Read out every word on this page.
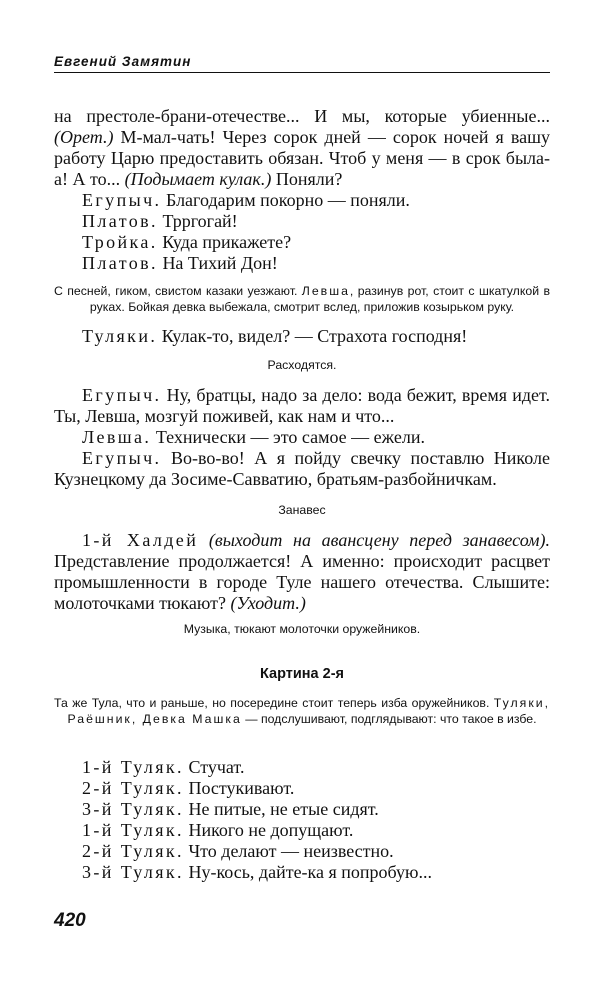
Евгений Замятин

на престоле-брани-отечестве... И мы, которые убиенные... (Орет.) М-мал-чать! Через сорок дней — сорок ночей я вашу работу Царю предоставить обязан. Чтоб у меня — в срок была-а! А то... (Подымает кулак.) Поняли?

Егупыч. Благодарим покорно — поняли.

Платов. Трргогай!

Тройка. Куда прикажете?

Платов. На Тихий Дон!

С песней, гиком, свистом казаки уезжают. Левша, разинув рот, стоит с шкатулкой в руках. Бойкая девка выбежала, смотрит вслед, приложив козырьком руку.

Туляки. Кулак-то, видел? — Страхота господня!

Расходятся.

Егупыч. Ну, братцы, надо за дело: вода бежит, время идет. Ты, Левша, мозгуй поживей, как нам и что...

Левша. Технически — это самое — ежели.

Егупыч. Во-во-во! А я пойду свечку поставлю Николе Кузнецкому да Зосиме-Савватию, братьям-разбойничкам.

Занавес

1-й Халдей (выходит на авансцену перед занавесом). Представление продолжается! А именно: происходит расцвет промышленности в городе Туле нашего отечества. Слышите: молоточками тюкают? (Уходит.)

Музыка, тюкают молоточки оружейников.

Картина 2-я

Та же Тула, что и раньше, но посередине стоит теперь изба оружейников. Туляки, Раёшник, Девка Машка — подслушивают, подглядывают: что такое в избе.

1-й Туляк. Стучат.

2-й Туляк. Постукивают.

3-й Туляк. Не питые, не етые сидят.

1-й Туляк. Никого не допущают.

2-й Туляк. Что делают — неизвестно.

3-й Туляк. Ну-кось, дайте-ка я попробую...

420
